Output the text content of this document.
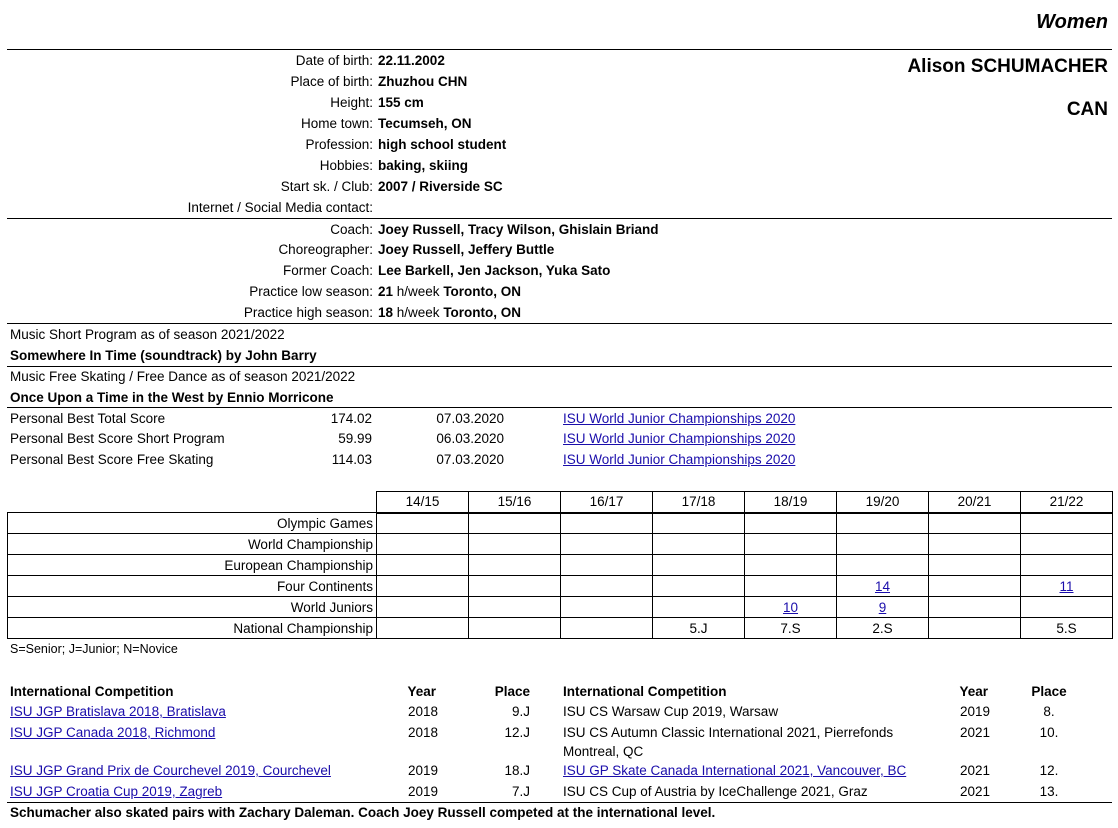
Women
Alison SCHUMACHER
CAN
Date of birth: 22.11.2002
Place of birth: Zhuzhou CHN
Height: 155 cm
Home town: Tecumseh, ON
Profession: high school student
Hobbies: baking, skiing
Start sk. / Club: 2007 / Riverside SC
Internet / Social Media contact:
Coach: Joey Russell, Tracy Wilson, Ghislain Briand
Choreographer: Joey Russell, Jeffery Buttle
Former Coach: Lee Barkell, Jen Jackson, Yuka Sato
Practice low season: 21 h/week Toronto, ON
Practice high season: 18 h/week Toronto, ON
Music Short Program as of season 2021/2022
Somewhere In Time (soundtrack) by John Barry
Music Free Skating / Free Dance as of season 2021/2022
Once Upon a Time in the West by Ennio Morricone
Personal Best Total Score	174.02	07.03.2020	ISU World Junior Championships 2020
Personal Best Score Short Program	59.99	06.03.2020	ISU World Junior Championships 2020
Personal Best Score Free Skating	114.03	07.03.2020	ISU World Junior Championships 2020
	14/15	15/16	16/17	17/18	18/19	19/20	20/21	21/22
Olympic Games								
World Championship								
European Championship								
Four Continents						14		11
World Juniors					10	9		
National Championship				5.J	7.S	2.S		5.S
S=Senior; J=Junior; N=Novice
International Competition	Year	Place International Competition	Year	Place
ISU JGP Bratislava 2018, Bratislava	2018	9.J
ISU JGP Canada 2018, Richmond	2018	12.J
ISU JGP Grand Prix de Courchevel 2019, Courchevel	2019	18.J
ISU JGP Croatia Cup 2019, Zagreb	2019	7.J
ISU CS Warsaw Cup 2019, Warsaw	2019	8.
ISU CS Autumn Classic International 2021, Pierrefonds
Montreal, QC
2021	10.
ISU GP Skate Canada International 2021, Vancouver, BC	2021	12.
ISU CS Cup of Austria by IceChallenge 2021, Graz	2021	13.
Schumacher also skated pairs with Zachary Daleman. Coach Joey Russell competed at the international level.
